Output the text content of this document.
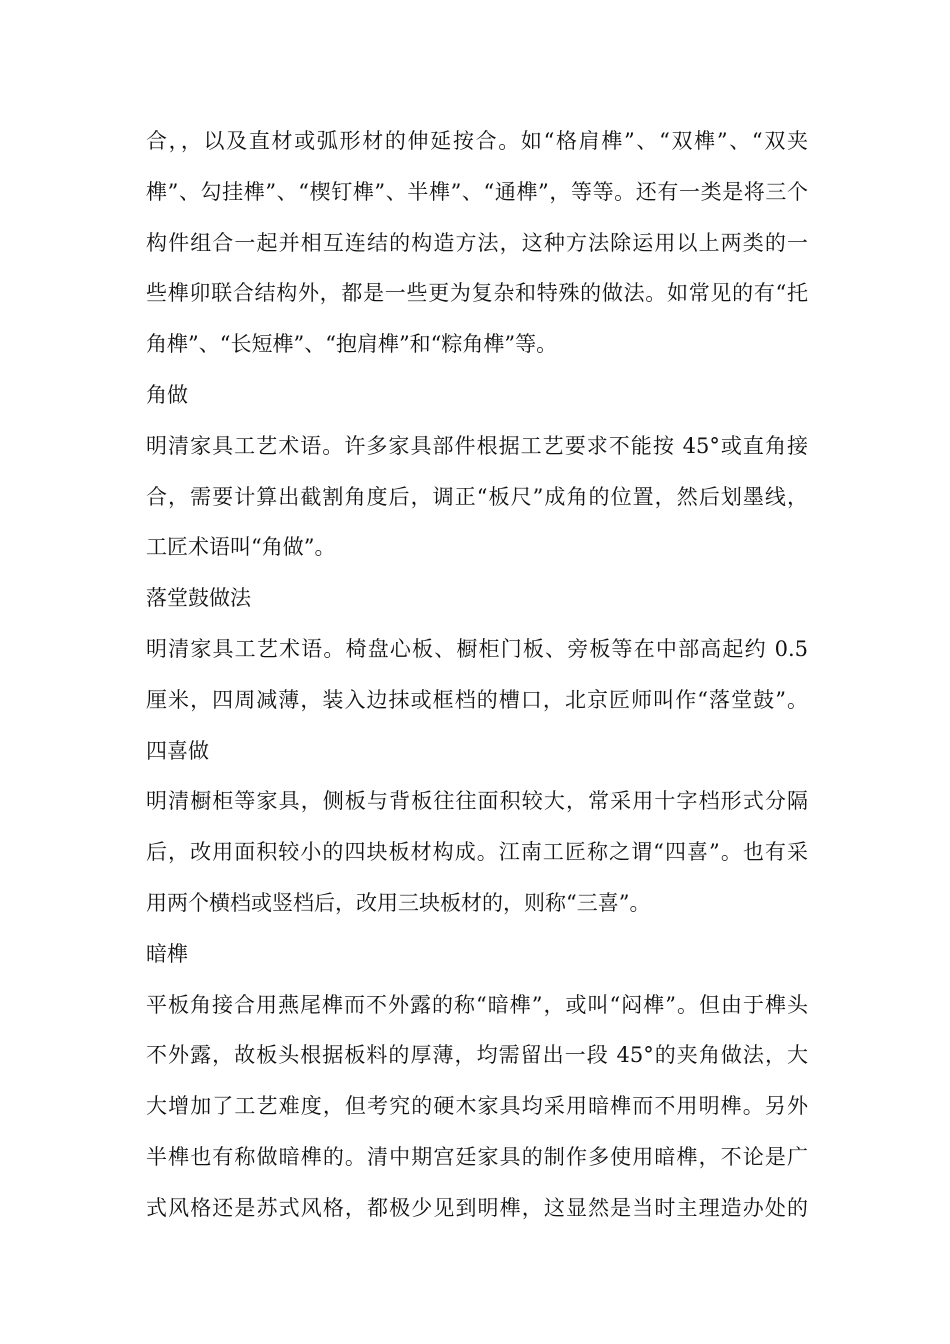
合，，以及直材或弧形材的伸延按合。如“格肩榫”、“双榫”、“双夹
榫”、勾挂榫”、“楔钉榫”、半榫”、“通榫”，等等。还有一类是将三个
构件组合一起并相互连结的构造方法，这种方法除运用以上两类的一
些榫卯联合结构外，都是一些更为复杂和特殊的做法。如常见的有“托
角榫”、“长短榫”、“抱肩榫”和“粽角榫”等。
角做
明清家具工艺术语。许多家具部件根据工艺要求不能按 45°或直角接
合，需要计算出截割角度后，调正“板尺”成角的位置，然后划墨线，
工匠术语叫“角做”。
落堂鼓做法
明清家具工艺术语。椅盘心板、橱柜门板、旁板等在中部高起约 0.5
厘米，四周减薄，装入边抹或框档的槽口，北京匠师叫作“落堂鼓”。
四喜做
明清橱柜等家具，侧板与背板往往面积较大，常采用十字档形式分隔
后，改用面积较小的四块板材构成。江南工匠称之谓“四喜”。也有采
用两个横档或竖档后，改用三块板材的，则称“三喜”。
暗榫
平板角接合用燕尾榫而不外露的称“暗榫”，或叫“闷榫”。但由于榫头
不外露，故板头根据板料的厚薄，均需留出一段 45°的夹角做法，大
大增加了工艺难度，但考究的硬木家具均采用暗榫而不用明榫。另外
半榫也有称做暗榫的。清中期宫廷家具的制作多使用暗榫，不论是广
式风格还是苏式风格，都极少见到明榫，这显然是当时主理造办处的
